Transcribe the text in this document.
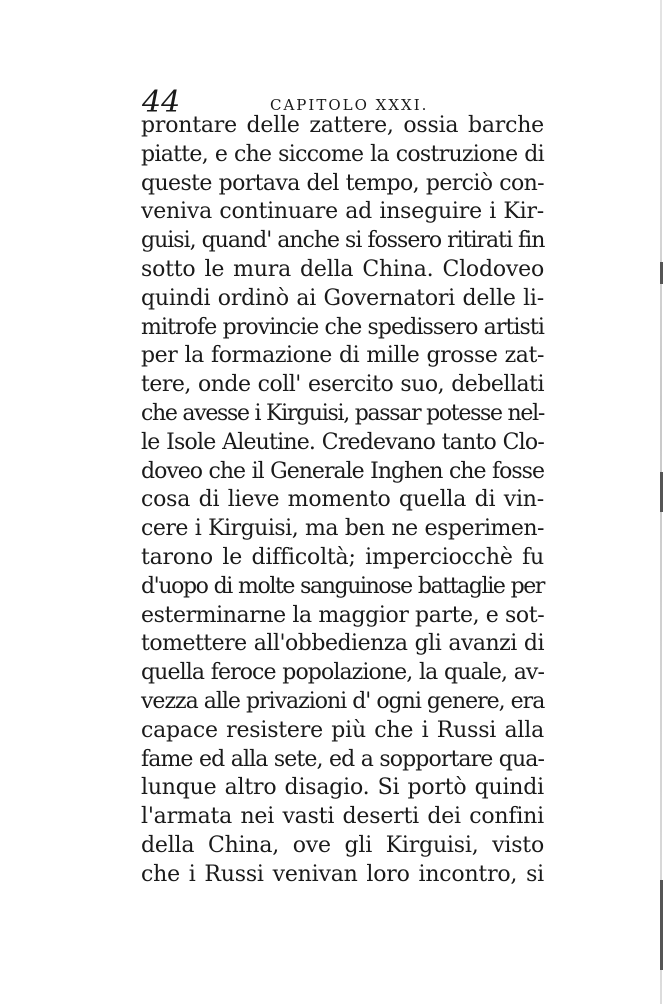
44	CAPITOLO XXXI.
prontare delle zattere, ossia barche
piatte, e che siccome la costruzione di
queste portava del tempo, perciò con-
veniva continuare ad inseguire i Kir-
guisi, quand' anche si fossero ritirati fin
sotto le mura della China. Clodoveo
quindi ordinò ai Governatori delle li-
mitrofe provincie che spedissero artisti
per la formazione di mille grosse zat-
tere, onde coll' esercito suo, debellati
che avesse i Kirguisi, passar potesse nel-
le Isole Aleutine. Credevano tanto Clo-
doveo che il Generale Inghen che fosse
cosa di lieve momento quella di vin-
cere i Kirguisi, ma ben ne esperimen-
tarono le difficoltà; imperciocchè fu
d'uopo di molte sanguinose battaglie per
esterminarne la maggior parte, e sot-
tomettere all'obbedienza gli avanzi di
quella feroce popolazione, la quale, av-
vezza alle privazioni d' ogni genere, era
capace resistere più che i Russi alla
fame ed alla sete, ed a sopportare qua-
lunque altro disagio. Si portò quindi
l'armata nei vasti deserti dei confini
della China, ove gli Kirguisi, visto
che i Russi venivan loro incontro, si
